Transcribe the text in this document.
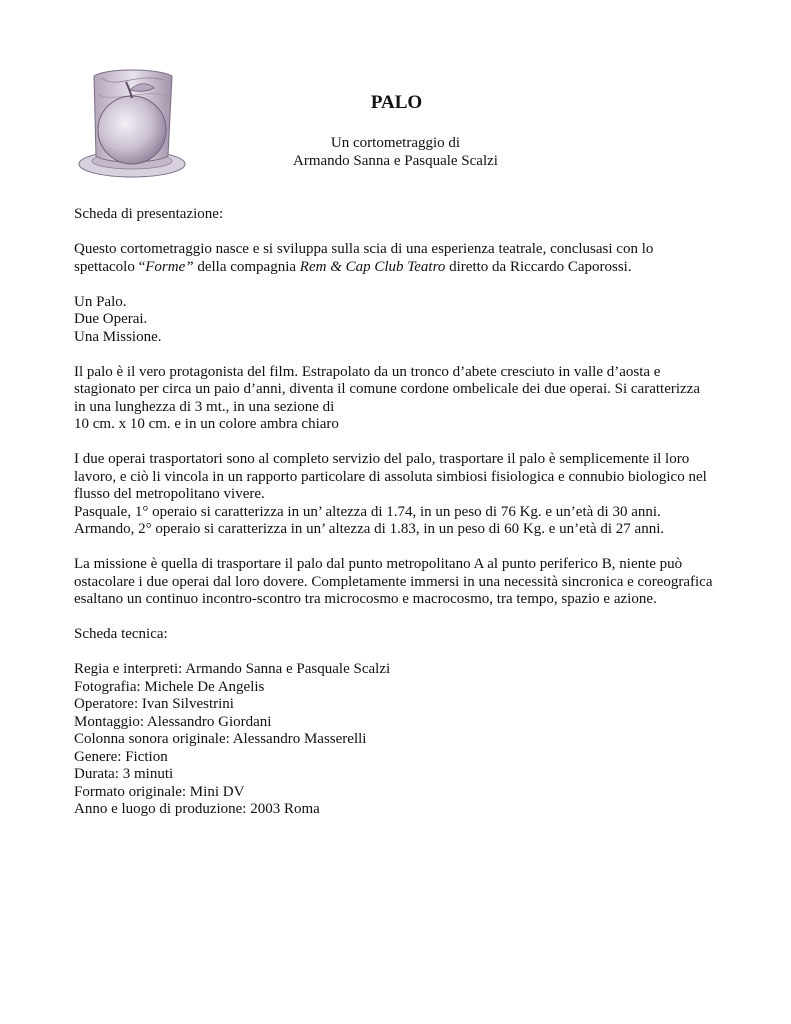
PALO
Un cortometraggio di
Armando Sanna e Pasquale Scalzi

Scheda di presentazione:

Questo cortometraggio nasce e si sviluppa sulla scia di una esperienza teatrale, conclusasi con lo spettacolo “Forme” della compagnia Rem & Cap Club Teatro diretto da Riccardo Caporossi.

Un Palo.
Due Operai.
Una Missione.

Il palo è il vero protagonista del film. Estrapolato da un tronco d’abete cresciuto in valle d’aosta e stagionato per circa un paio d’anni, diventa il comune cordone ombelicale dei due operai. Si caratterizza in una lunghezza di 3 mt., in una sezione di
10 cm. x 10 cm. e in un colore ambra chiaro

I due operai trasportatori sono al completo servizio del palo, trasportare il palo è semplicemente il loro lavoro, e ciò li vincola in un rapporto particolare di assoluta simbiosi fisiologica e connubio biologico nel flusso del metropolitano vivere.
Pasquale, 1° operaio si caratterizza in un’ altezza di 1.74, in un peso di 76 Kg. e un’età di 30 anni.
Armando, 2° operaio si caratterizza in un’ altezza di 1.83, in un peso di 60 Kg. e un’età di 27 anni.

La missione è quella di trasportare il palo dal punto metropolitano A al punto periferico B, niente può ostacolare i due operai dal loro dovere. Completamente immersi in una necessità sincronica e coreografica esaltano un continuo incontro-scontro tra microcosmo e macrocosmo, tra tempo, spazio e azione.

Scheda tecnica:

Regia e interpreti: Armando Sanna e Pasquale Scalzi
Fotografia: Michele De Angelis
Operatore: Ivan Silvestrini
Montaggio: Alessandro Giordani
Colonna sonora originale: Alessandro Masserelli
Genere: Fiction
Durata: 3 minuti
Formato originale: Mini DV
Anno e luogo di produzione: 2003 Roma
